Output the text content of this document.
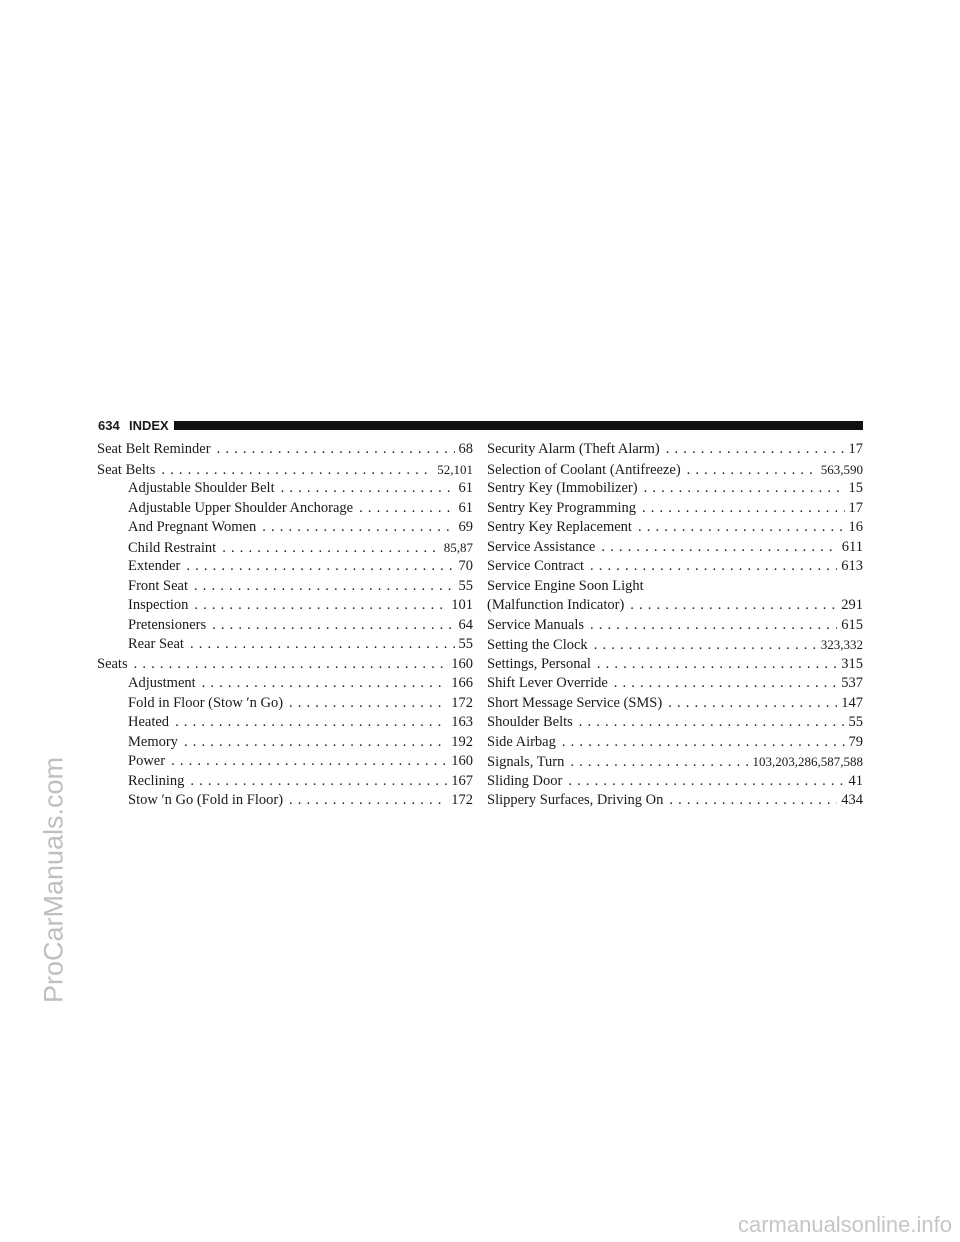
634 INDEX
Seat Belt Reminder . . .	68
Seat Belts . . .	52,101
Adjustable Shoulder Belt . . .	61
Adjustable Upper Shoulder Anchorage . . .	61
And Pregnant Women . . .	69
Child Restraint . . .	85,87
Extender . . .	70
Front Seat . . .	55
Inspection . . .	101
Pretensioners . . .	64
Rear Seat . . .	55
Seats . . .	160
Adjustment . . .	166
Fold in Floor (Stow ′n Go) . . .	172
Heated . . .	163
Memory . . .	192
Power . . .	160
Reclining . . .	167
Stow ′n Go (Fold in Floor) . . .	172
Security Alarm (Theft Alarm) . . .	17
Selection of Coolant (Antifreeze) . . .	563,590
Sentry Key (Immobilizer) . . .	15
Sentry Key Programming . . .	17
Sentry Key Replacement . . .	16
Service Assistance . . .	611
Service Contract . . .	613
Service Engine Soon Light
(Malfunction Indicator) . . .	291
Service Manuals . . .	615
Setting the Clock . . .	323,332
Settings, Personal . . .	315
Shift Lever Override . . .	537
Short Message Service (SMS) . . .	147
Shoulder Belts . . .	55
Side Airbag . . .	79
Signals, Turn . . .	103,203,286,587,588
Sliding Door . . .	41
Slippery Surfaces, Driving On . . .	434
ProCarManuals.com
carmanualsonline.info
